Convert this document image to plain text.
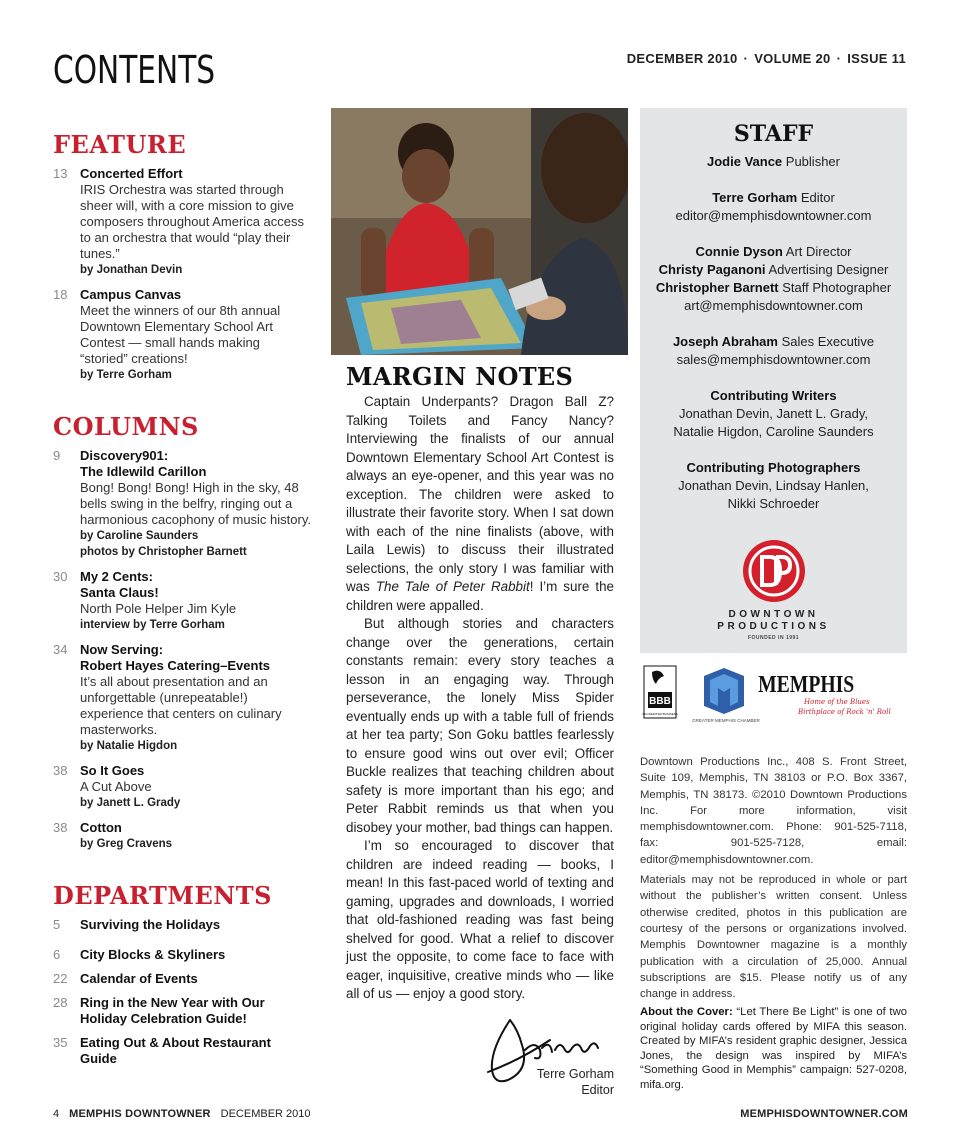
CONTENTS	DECEMBER 2010 · VOLUME 20 · ISSUE 11
FEATURE
13 Concerted Effort
IRIS Orchestra was started through sheer will, with a core mission to give composers throughout America access to an orchestra that would “play their tunes.”
by Jonathan Devin
18 Campus Canvas
Meet the winners of our 8th annual Downtown Elementary School Art Contest — small hands making “storied” creations!
by Terre Gorham
COLUMNS
9	Discovery901:
The Idlewild Carillon
Bong! Bong! Bong! High in the sky, 48 bells swing in the belfry, ringing out a harmonious cacophony of music history.
by Caroline Saunders
photos by Christopher Barnett
30 My 2 Cents:
Santa Claus!
North Pole Helper Jim Kyle
interview by Terre Gorham
34 Now Serving:
Robert Hayes Catering–Events
It’s all about presentation and an unforgettable (unrepeatable!) experience that centers on culinary masterworks.
by Natalie Higdon
38 So It Goes
A Cut Above
by Janett L. Grady
38 Cotton
by Greg Cravens
DEPARTMENTS
5	Surviving the Holidays
6	City Blocks & Skyliners
22 Calendar of Events
28 Ring in the New Year with Our Holiday Celebration Guide!
35 Eating Out & About Restaurant Guide
MARGIN NOTES

Captain Underpants? Dragon Ball Z? Talking Toilets and Fancy Nancy? Interviewing the finalists of our annual Downtown Elementary School Art Contest is always an eye-opener, and this year was no exception. The children were asked to illustrate their favorite story. When I sat down with each of the nine finalists (above, with Laila Lewis) to discuss their illustrated selections, the only story I was familiar with was The Tale of Peter Rabbit! I’m sure the children were appalled.

But although stories and characters change over the generations, certain constants remain: every story teaches a lesson in an engaging way. Through perseverance, the lonely Miss Spider eventually ends up with a table full of friends at her tea party; Son Goku battles fearlessly to ensure good wins out over evil; Officer Buckle realizes that teaching children about safety is more important than his ego; and Peter Rabbit reminds us that when you disobey your mother, bad things can happen.

I’m so encouraged to discover that children are indeed reading — books, I mean! In this fast-paced world of texting and gaming, upgrades and downloads, I worried that old-fashioned reading was fast being shelved for good. What a relief to discover just the opposite, to come face to face with eager, inquisitive, creative minds who — like all of us — enjoy a good story.

Terre Gorham
Editor
STAFF
Jodie Vance Publisher
Terre Gorham Editor
editor@memphisdowntowner.com
Connie Dyson Art Director
Christy Paganoni Advertising Designer
Christopher Barnett Staff Photographer
art@memphisdowntowner.com
Joseph Abraham Sales Executive
sales@memphisdowntowner.com
Contributing Writers
Jonathan Devin, Janett L. Grady,
Natalie Higdon, Caroline Saunders
Contributing Photographers
Jonathan Devin, Lindsay Hanlen,
Nikki Schroeder
DOWNTOWN
PRODUCTIONS
FOUNDED IN 1991
BBB
ACCREDITED BUSINESS
GREATER MEMPHIS CHAMBER
MEMPHIS
Home of the Blues
Birthplace of Rock 'n' Roll

Downtown Productions Inc., 408 S. Front Street, Suite 109, Memphis, TN 38103 or P.O. Box 3367, Memphis, TN 38173. ©2010 Downtown Productions Inc. For more information, visit memphisdowntowner.com. Phone: 901-525-7118, fax: 901-525-7128, email: editor@memphisdowntowner.com.

Materials may not be reproduced in whole or part without the publisher’s written consent. Unless otherwise credited, photos in this publication are courtesy of the persons or organizations involved. Memphis Downtowner magazine is a monthly publication with a circulation of 25,000. Annual subscriptions are $15. Please notify us of any change in address.

About the Cover: “Let There Be Light” is one of two original holiday cards offered by MIFA this season. Created by MIFA’s resident graphic designer, Jessica Jones, the design was inspired by MIFA’s “Something Good in Memphis” campaign: 527-0208, mifa.org.
4 MEMPHIS DOWNTOWNER DECEMBER 2010	MEMPHISDOWNTOWNER.COM
